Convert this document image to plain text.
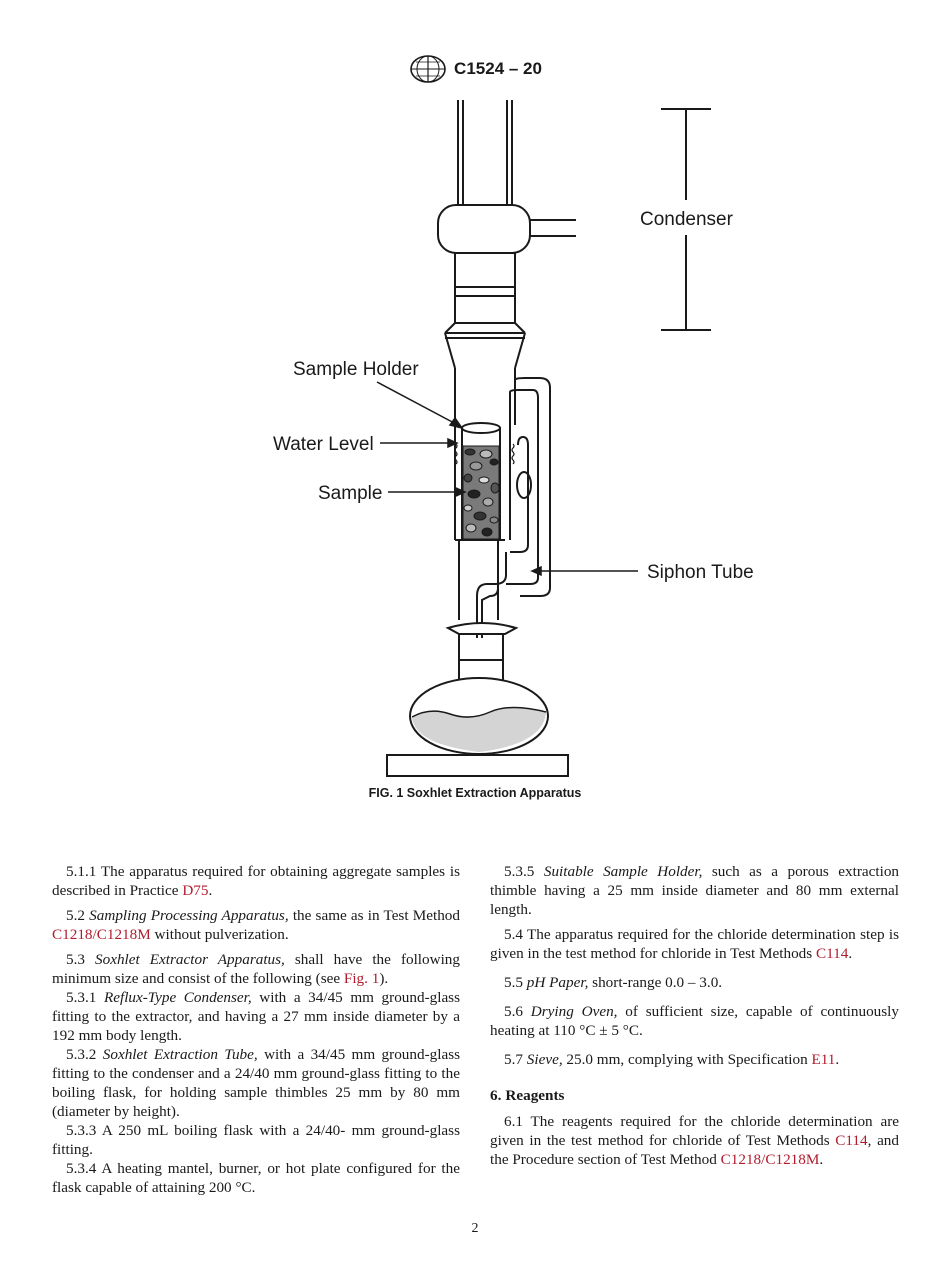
C1524 – 20
Condenser
Sample Holder
Water Level
Sample
Siphon Tube
FIG. 1 Soxhlet Extraction Apparatus

5.1.1 The apparatus required for obtaining aggregate samples is described in Practice D75.

5.2 Sampling Processing Apparatus, the same as in Test Method C1218/C1218M without pulverization.

5.3 Soxhlet Extractor Apparatus, shall have the following minimum size and consist of the following (see Fig. 1).

5.3.1 Reflux-Type Condenser, with a 34/45 mm ground-glass fitting to the extractor, and having a 27 mm inside diameter by a 192 mm body length.

5.3.2 Soxhlet Extraction Tube, with a 34/45 mm ground-glass fitting to the condenser and a 24/40 mm ground-glass fitting to the boiling flask, for holding sample thimbles 25 mm by 80 mm (diameter by height).

5.3.3 A 250 mL boiling flask with a 24/40- mm ground-glass fitting.

5.3.4 A heating mantel, burner, or hot plate configured for the flask capable of attaining 200 °C.

5.3.5 Suitable Sample Holder, such as a porous extraction thimble having a 25 mm inside diameter and 80 mm external length.

5.4 The apparatus required for the chloride determination step is given in the test method for chloride in Test Methods C114.

5.5 pH Paper, short-range 0.0 – 3.0.

5.6 Drying Oven, of sufficient size, capable of continuously heating at 110 °C ± 5 °C.

5.7 Sieve, 25.0 mm, complying with Specification E11.

6. Reagents

6.1 The reagents required for the chloride determination are given in the test method for chloride of Test Methods C114, and the Procedure section of Test Method C1218/C1218M.

2
